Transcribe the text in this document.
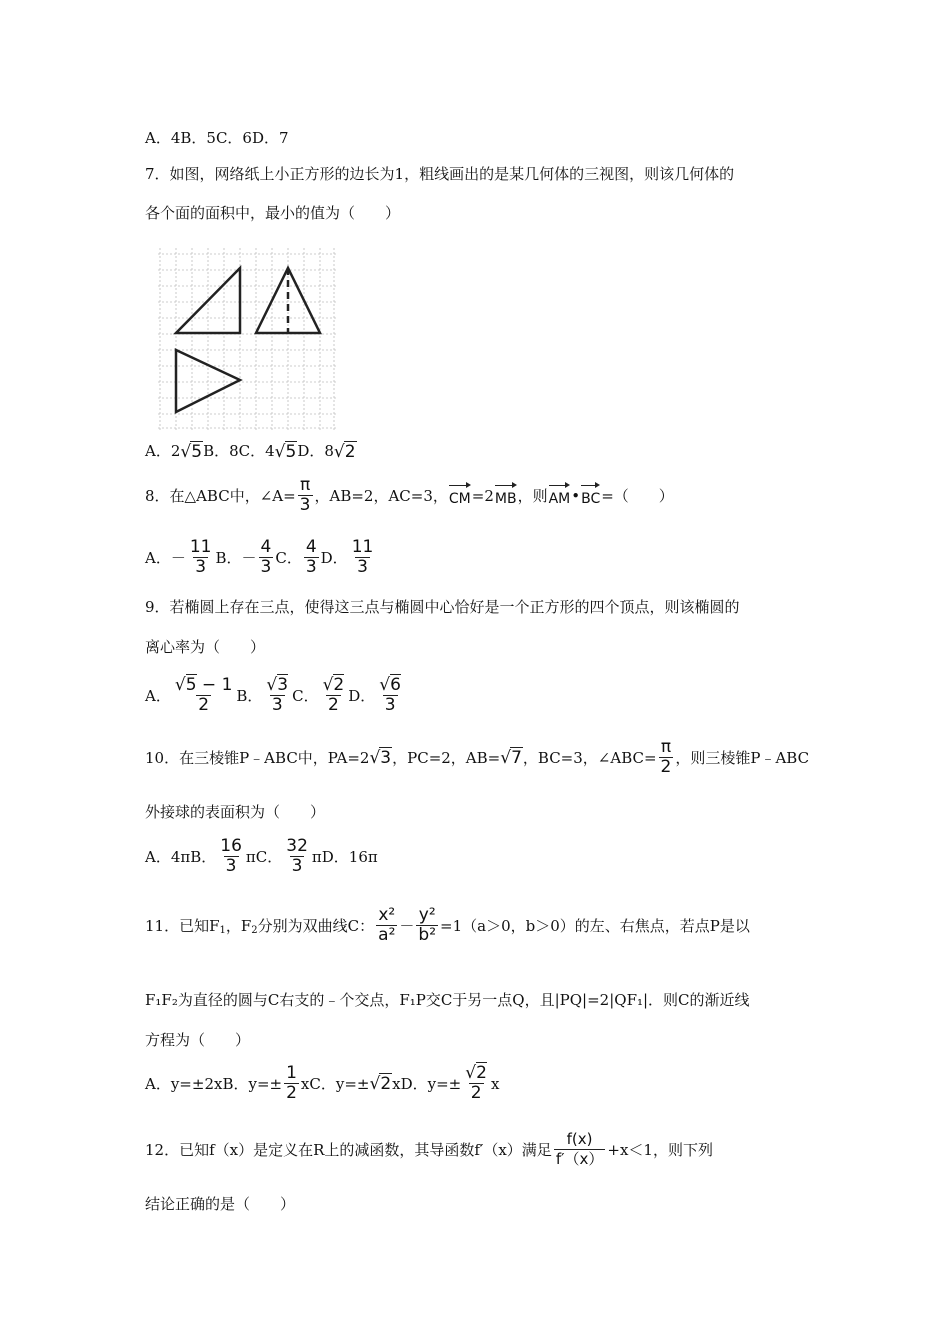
A．4B．5C．6D．7
7．如图，网络纸上小正方形的边长为1，粗线画出的是某几何体的三视图，则该几何体的
各个面的面积中，最小的值为（　　）
A．2√5B．8C．4√5D．8√2
8．在△ABC中，∠A= $\frac{\pi}{3}$ ，AB=2，AC=3，CM=2MB，则AM•BC=（　　）
A．－ $\frac{11}{3}$ B．－ $\frac{4}{3}$ C． $\frac{4}{3}$ D． $\frac{11}{3}$
9．若椭圆上存在三点，使得这三点与椭圆中心恰好是一个正方形的四个顶点，则该椭圆的
离心率为（　　）
A． $\frac{√5 - 1}{2}$ B． $\frac{√3}{3}$ C． $\frac{√2}{2}$ D． $\frac{√6}{3}$
10．在三棱锥P﹣ABC中，PA=2√3，PC=2，AB=√7，BC=3，∠ABC= $\frac{\pi}{2}$ ，则三棱锥P﹣ABC
外接球的表面积为（　　）
A．4πB． $\frac{16}{3}$ πC． $\frac{32}{3}$ πD．16π
11．已知F1，F2分别为双曲线C： $\frac{\text{x²}}{\text{a²}} - \frac{\text{y²}}{\text{b²}} =1(a>0$，b＞0）的左、右焦点，若点P是以
F₁F₂为直径的圆与C右支的﹣个交点，F₁P交C于另一点Q，且|PQ|=2|QF₁|．则C的渐近线
方程为（　　）
A．y=±2xB．$y=\pm \frac{1}{2}$ xC．y=±√2xD．$y=\pm \frac{√2}{2}$ x
12．已知f（x）是定义在R上的减函数，其导函数f′（x）满足 $\frac{f(x)}{f'(x)} +x<1$，则下列
结论正确的是（　　）
